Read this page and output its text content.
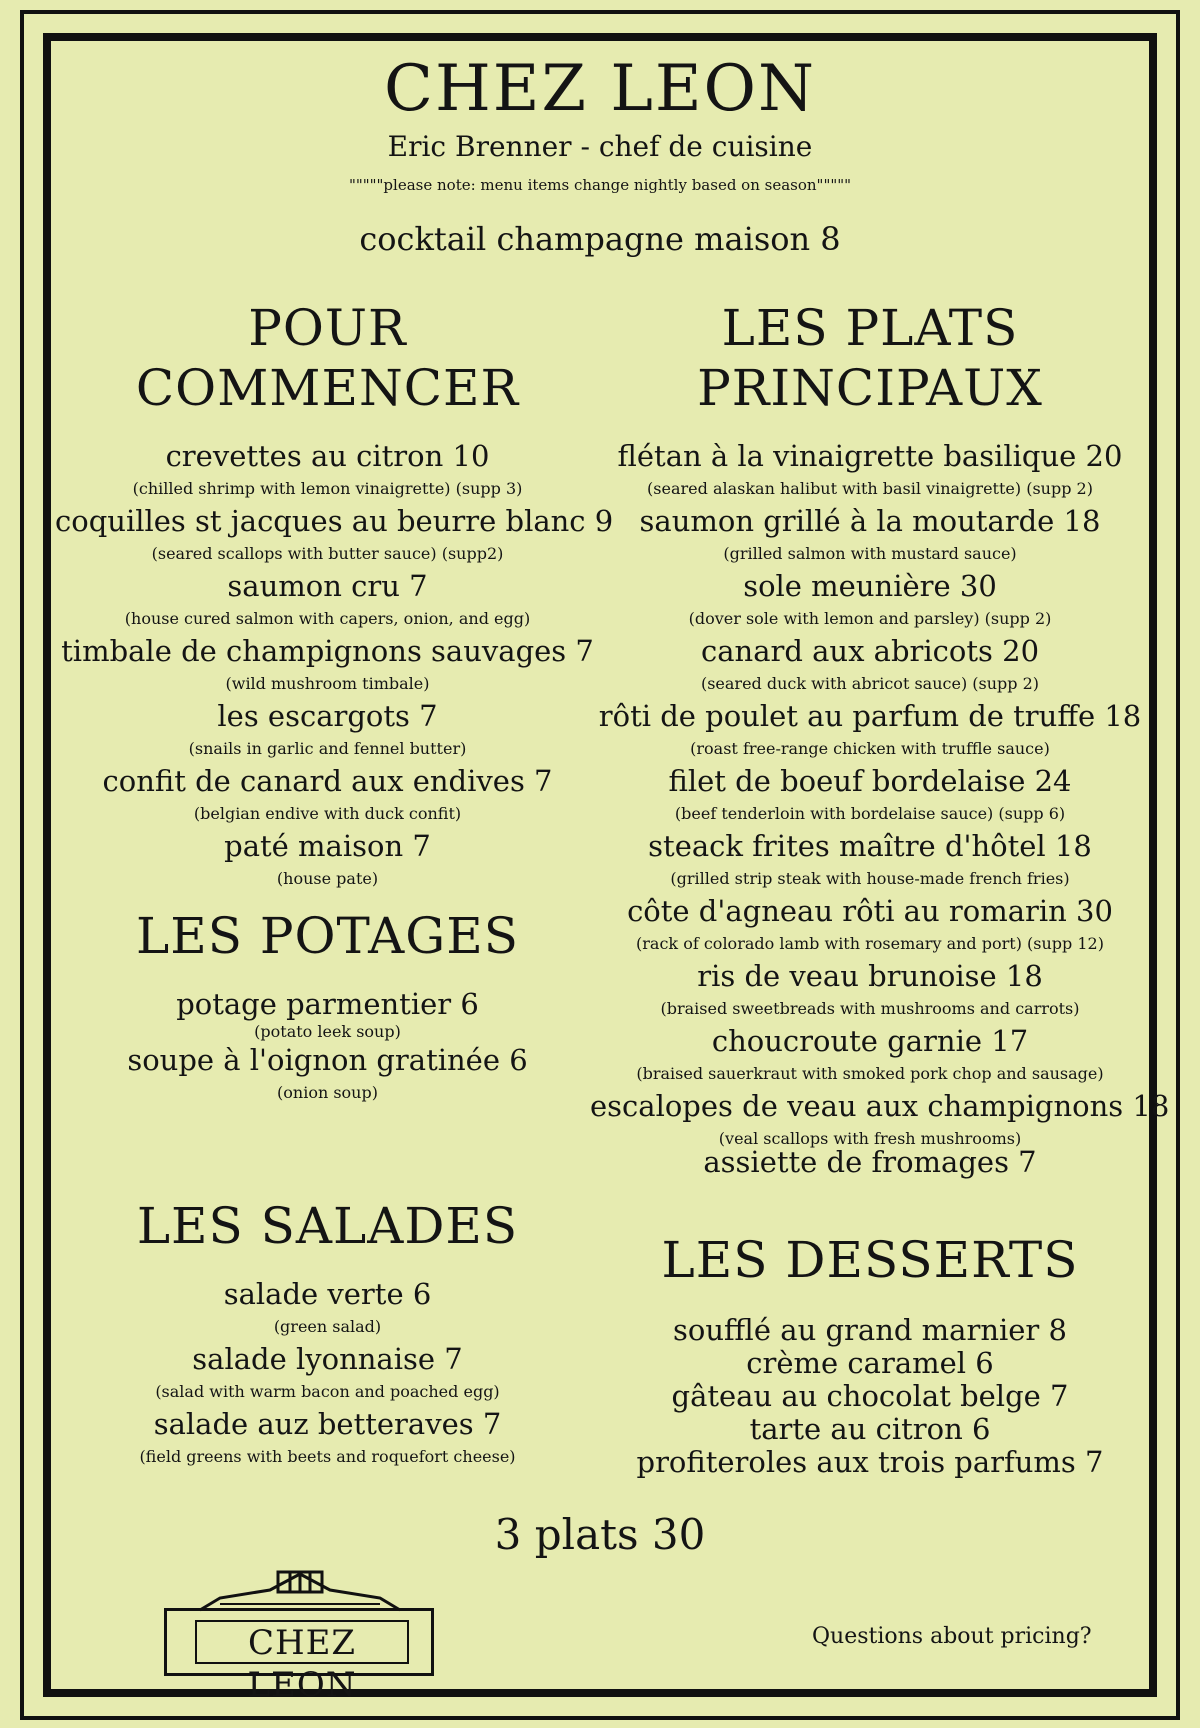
CHEZ LEON
Eric Brenner - chef de cuisine
"""""please note: menu items change nightly based on season"""""
cocktail champagne maison 8
POUR COMMENCER
crevettes au citron 10
(chilled shrimp with lemon vinaigrette) (supp 3)
coquilles st jacques au beurre blanc 9
(seared scallops with butter sauce) (supp2)
saumon cru 7
(house cured salmon with capers, onion, and egg)
timbale de champignons sauvages 7
(wild mushroom timbale)
les escargots 7
(snails in garlic and fennel butter)
confit de canard aux endives 7
(belgian endive with duck confit)
paté maison 7
(house pate)
LES POTAGES
potage parmentier 6
(potato leek soup)
soupe à l'oignon gratinée 6
(onion soup)
LES SALADES
salade verte 6
(green salad)
salade lyonnaise 7
(salad with warm bacon and poached egg)
salade auz betteraves 7
(field greens with beets and roquefort cheese)
LES PLATS PRINCIPAUX
flétan à la vinaigrette basilique 20
(seared alaskan halibut with basil vinaigrette) (supp 2)
saumon grillé à la moutarde 18
(grilled salmon with mustard sauce)
sole meunière 30
(dover sole with lemon and parsley) (supp 2)
canard aux abricots 20
(seared duck with abricot sauce) (supp 2)
rôti de poulet au parfum de truffe 18
(roast free-range chicken with truffle sauce)
filet de boeuf bordelaise 24
(beef tenderloin with bordelaise sauce) (supp 6)
steack frites maître d'hôtel 18
(grilled strip steak with house-made french fries)
côte d'agneau rôti au romarin 30
(rack of colorado lamb with rosemary and port) (supp 12)
ris de veau brunoise 18
(braised sweetbreads with mushrooms and carrots)
choucroute garnie 17
(braised sauerkraut with smoked pork chop and sausage)
escalopes de veau aux champignons 18
(veal scallops with fresh mushrooms)
assiette de fromages 7
LES DESSERTS
soufflé au grand marnier 8
crème caramel 6
gâteau au chocolat belge 7
tarte au citron 6
profiteroles aux trois parfums 7
3 plats 30
CHEZ LEON
Questions about pricing?
